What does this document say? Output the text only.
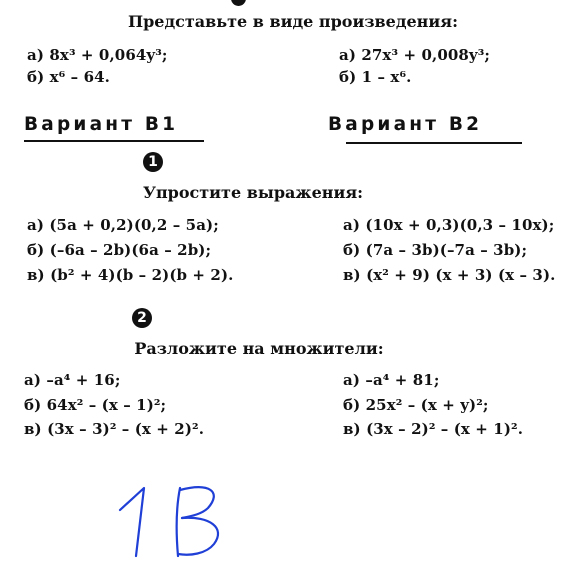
Представьте в виде произведения:
а) 8x³ + 0,064y³;
б) x⁶ – 64.
а) 27x³ + 0,008y³;
б) 1 – x⁶.
Вариант В1	Вариант В2
1
Упростите выражения:
а) (5a + 0,2)(0,2 – 5a);
б) (–6a – 2b)(6a – 2b);
в) (b² + 4)(b – 2)(b + 2).
а) (10x + 0,3)(0,3 – 10x);
б) (7a – 3b)(–7a – 3b);
в) (x² + 9) (x + 3) (x – 3).
2
Разложите на множители:
а) –a⁴ + 16;
б) 64x² – (x – 1)²;
в) (3x – 3)² – (x + 2)².
а) –a⁴ + 81;
б) 25x² – (x + y)²;
в) (3x – 2)² – (x + 1)².
